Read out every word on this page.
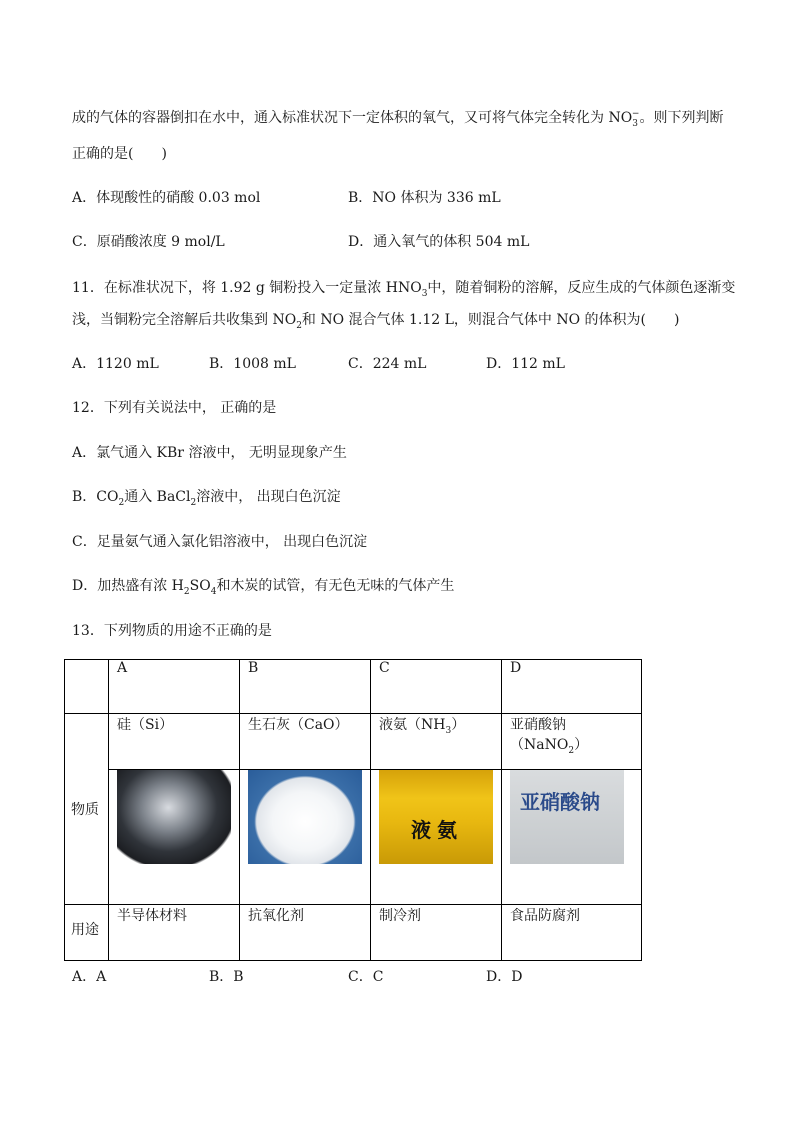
成的气体的容器倒扣在水中，通入标准状况下一定体积的氧气，又可将气体完全转化为 $NO_3^-$。则下列判断
正确的是(　　)
A．体现酸性的硝酸 0.03 mol	B．NO 体积为 336 mL
C．原硝酸浓度 9 mol/L	D．通入氧气的体积 504 mL
11．在标准状况下，将 1.92 g 铜粉投入一定量浓 $HNO_3$中，随着铜粉的溶解，反应生成的气体颜色逐渐变
浅，当铜粉完全溶解后共收集到 $NO_2$和 NO 混合气体 1.12 L，则混合气体中 NO 的体积为(　　)
A．1120 mL	B．1008 mL	C．224 mL	D．112 mL
12．下列有关说法中， 正确的是
A．氯气通入 KBr 溶液中， 无明显现象产生
B．$CO_2$通入 BaCl$_2$溶液中， 出现白色沉淀
C．足量氨气通入氯化铝溶液中， 出现白色沉淀
D．加热盛有浓 $H_2SO_4$和木炭的试管，有无色无味的气体产生
13．下列物质的用途不正确的是
	A	B	C	D
物质	硅（Si）	生石灰（CaO）	液氨$(NH_3)$	亚硝酸钠（NaNO$_2$）

			液氨	亚硝酸钠

用途	半导体材料	抗氧化剂	制冷剂	食品防腐剂
A．A	B．B	C．C	D．D
